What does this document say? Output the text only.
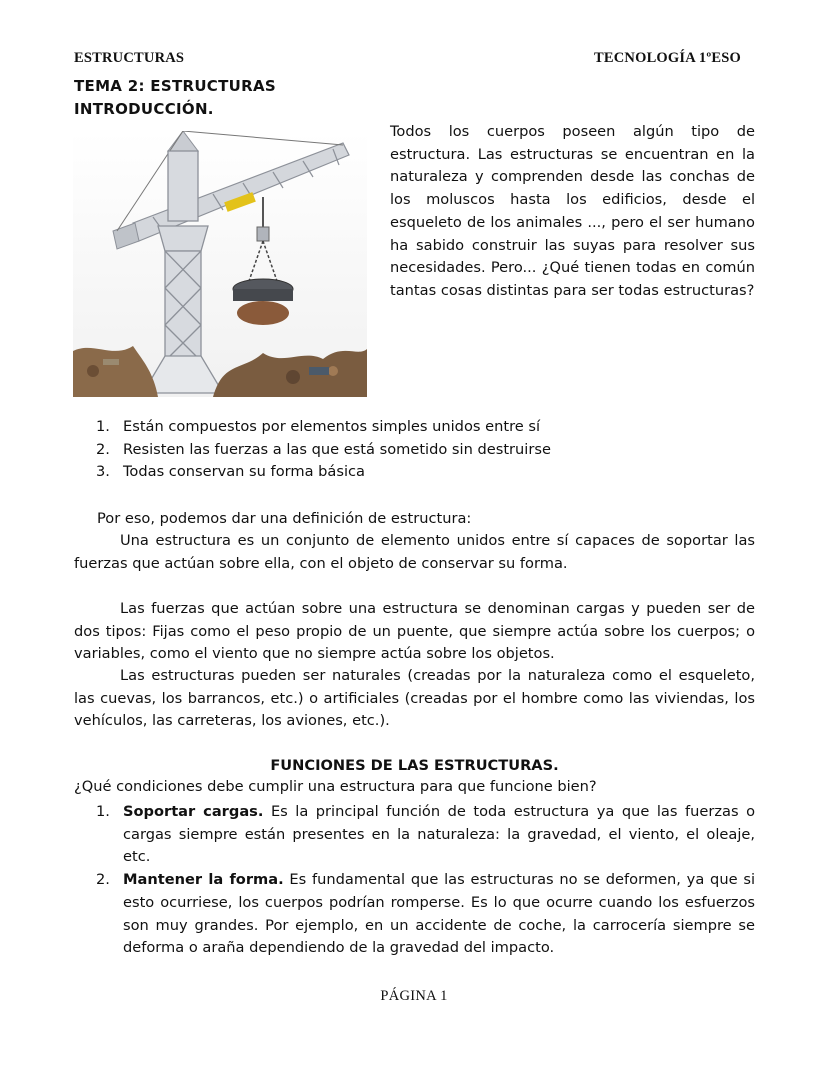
ESTRUCTURAS	TECNOLOGÍA 1ºESO
TEMA 2: ESTRUCTURAS
INTRODUCCIÓN.

Todos los cuerpos poseen algún tipo de estructura. Las estructuras se encuentran en la naturaleza y comprenden desde las conchas de los moluscos hasta los edificios, desde el esqueleto de los animales ..., pero el ser humano ha sabido construir las suyas para resolver sus necesidades. Pero... ¿Qué tienen todas en común tantas cosas distintas para ser todas estructuras?

1. Están compuestos por elementos simples unidos entre sí
2. Resisten las fuerzas a las que está sometido sin destruirse
3. Todas conservan su forma básica

Por eso, podemos dar una definición de estructura:

Una estructura es un conjunto de elemento unidos entre sí capaces de soportar las fuerzas que actúan sobre ella, con el objeto de conservar su forma.

Las fuerzas que actúan sobre una estructura se denominan cargas y pueden ser de dos tipos: Fijas como el peso propio de un puente, que siempre actúa sobre los cuerpos; o variables, como el viento que no siempre actúa sobre los objetos.

Las estructuras pueden ser naturales (creadas por la naturaleza como el esqueleto, las cuevas, los barrancos, etc.) o artificiales (creadas por el hombre como las viviendas, los vehículos, las carreteras, los aviones, etc.).

FUNCIONES DE LAS ESTRUCTURAS.
¿Qué condiciones debe cumplir una estructura para que funcione bien?
1. Soportar cargas. Es la principal función de toda estructura ya que las fuerzas o cargas siempre están presentes en la naturaleza: la gravedad, el viento, el oleaje, etc.
2. Mantener la forma. Es fundamental que las estructuras no se deformen, ya que si esto ocurriese, los cuerpos podrían romperse. Es lo que ocurre cuando los esfuerzos son muy grandes. Por ejemplo, en un accidente de coche, la carrocería siempre se deforma o araña dependiendo de la gravedad del impacto.
PÁGINA 1
